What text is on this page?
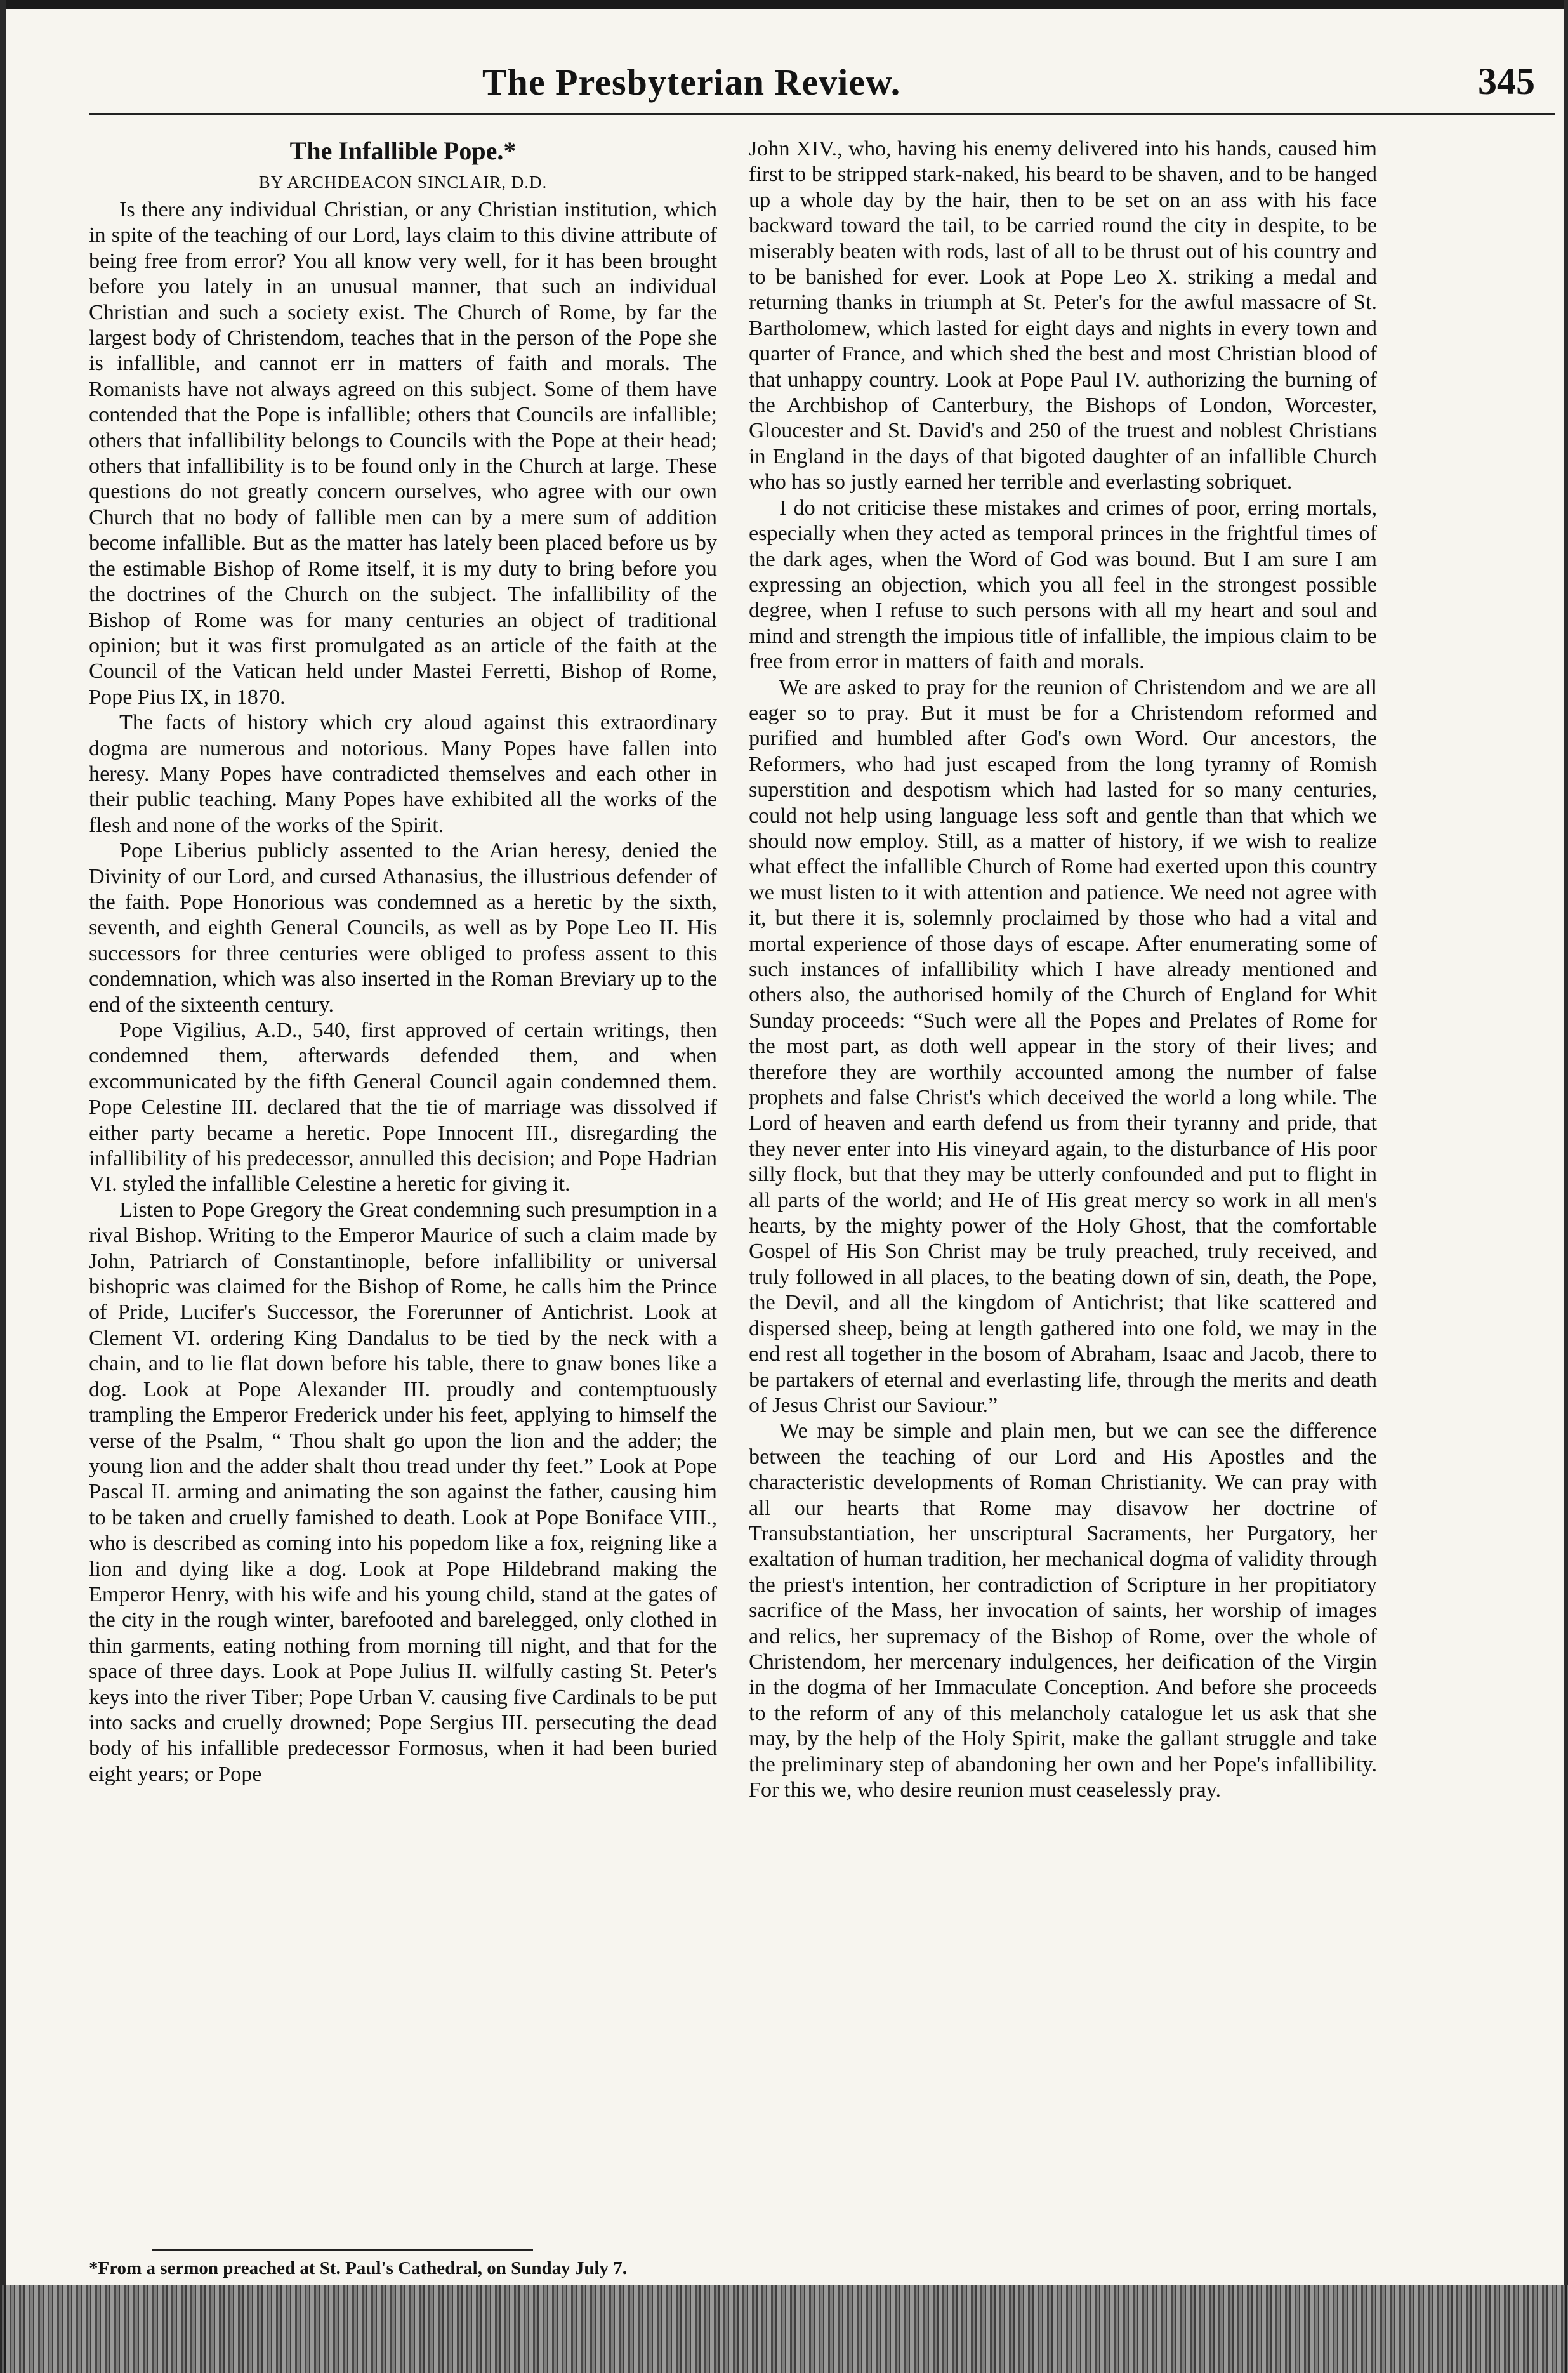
The Presbyterian Review.	345
The Infallible Pope.*
BY ARCHDEACON SINCLAIR, D.D.

Is there any individual Christian, or any Christian institution, which in spite of the teaching of our Lord, lays claim to this divine attribute of being free from error? You all know very well, for it has been brought before you lately in an unusual manner, that such an individual Christian and such a society exist. The Church of Rome, by far the largest body of Christendom, teaches that in the person of the Pope she is infallible, and cannot err in matters of faith and morals. The Romanists have not always agreed on this subject. Some of them have contended that the Pope is infallible; others that Councils are infallible; others that infallibility belongs to Councils with the Pope at their head; others that infallibility is to be found only in the Church at large. These questions do not greatly concern ourselves, who agree with our own Church that no body of fallible men can by a mere sum of addition become infallible. But as the matter has lately been placed before us by the estimable Bishop of Rome itself, it is my duty to bring before you the doctrines of the Church on the subject. The infallibility of the Bishop of Rome was for many centuries an object of traditional opinion; but it was first promulgated as an article of the faith at the Council of the Vatican held under Mastei Ferretti, Bishop of Rome, Pope Pius IX, in 1870.

The facts of history which cry aloud against this extraordinary dogma are numerous and notorious. Many Popes have fallen into heresy. Many Popes have contradicted themselves and each other in their public teaching. Many Popes have exhibited all the works of the flesh and none of the works of the Spirit.

Pope Liberius publicly assented to the Arian heresy, denied the Divinity of our Lord, and cursed Athanasius, the illustrious defender of the faith. Pope Honorious was condemned as a heretic by the sixth, seventh, and eighth General Councils, as well as by Pope Leo II. His successors for three centuries were obliged to profess assent to this condemnation, which was also inserted in the Roman Breviary up to the end of the sixteenth century.

Pope Vigilius, A.D., 540, first approved of certain writings, then condemned them, afterwards defended them, and when excommunicated by the fifth General Council again condemned them. Pope Celestine III. declared that the tie of marriage was dissolved if either party became a heretic. Pope Innocent III., disregarding the infallibility of his predecessor, annulled this decision; and Pope Hadrian VI. styled the infallible Celestine a heretic for giving it.

Listen to Pope Gregory the Great condemning such presumption in a rival Bishop. Writing to the Emperor Maurice of such a claim made by John, Patriarch of Constantinople, before infallibility or universal bishopric was claimed for the Bishop of Rome, he calls him the Prince of Pride, Lucifer's Successor, the Forerunner of Antichrist. Look at Clement VI. ordering King Dandalus to be tied by the neck with a chain, and to lie flat down before his table, there to gnaw bones like a dog. Look at Pope Alexander III. proudly and contemptuously trampling the Emperor Frederick under his feet, applying to himself the verse of the Psalm, “ Thou shalt go upon the lion and the adder; the young lion and the adder shalt thou tread under thy feet.” Look at Pope Pascal II. arming and animating the son against the father, causing him to be taken and cruelly famished to death. Look at Pope Boniface VIII., who is described as coming into his popedom like a fox, reigning like a lion and dying like a dog. Look at Pope Hildebrand making the Emperor Henry, with his wife and his young child, stand at the gates of the city in the rough winter, barefooted and barelegged, only clothed in thin garments, eating nothing from morning till night, and that for the space of three days. Look at Pope Julius II. wilfully casting St. Peter's keys into the river Tiber; Pope Urban V. causing five Cardinals to be put into sacks and cruelly drowned; Pope Sergius III. persecuting the dead body of his infallible predecessor Formosus, when it had been buried eight years; or Pope

John XIV., who, having his enemy delivered into his hands, caused him first to be stripped stark-naked, his beard to be shaven, and to be hanged up a whole day by the hair, then to be set on an ass with his face backward toward the tail, to be carried round the city in despite, to be miserably beaten with rods, last of all to be thrust out of his country and to be banished for ever. Look at Pope Leo X. striking a medal and returning thanks in triumph at St. Peter's for the awful massacre of St. Bartholomew, which lasted for eight days and nights in every town and quarter of France, and which shed the best and most Christian blood of that unhappy country. Look at Pope Paul IV. authorizing the burning of the Archbishop of Canterbury, the Bishops of London, Worcester, Gloucester and St. David's and 250 of the truest and noblest Christians in England in the days of that bigoted daughter of an infallible Church who has so justly earned her terrible and everlasting sobriquet.

I do not criticise these mistakes and crimes of poor, erring mortals, especially when they acted as temporal princes in the frightful times of the dark ages, when the Word of God was bound. But I am sure I am expressing an objection, which you all feel in the strongest possible degree, when I refuse to such persons with all my heart and soul and mind and strength the impious title of infallible, the impious claim to be free from error in matters of faith and morals.

We are asked to pray for the reunion of Christendom and we are all eager so to pray. But it must be for a Christendom reformed and purified and humbled after God's own Word. Our ancestors, the Reformers, who had just escaped from the long tyranny of Romish superstition and despotism which had lasted for so many centuries, could not help using language less soft and gentle than that which we should now employ. Still, as a matter of history, if we wish to realize what effect the infallible Church of Rome had exerted upon this country we must listen to it with attention and patience. We need not agree with it, but there it is, solemnly proclaimed by those who had a vital and mortal experience of those days of escape. After enumerating some of such instances of infallibility which I have already mentioned and others also, the authorised homily of the Church of England for Whit Sunday proceeds: “Such were all the Popes and Prelates of Rome for the most part, as doth well appear in the story of their lives; and therefore they are worthily accounted among the number of false prophets and false Christ's which deceived the world a long while. The Lord of heaven and earth defend us from their tyranny and pride, that they never enter into His vineyard again, to the disturbance of His poor silly flock, but that they may be utterly confounded and put to flight in all parts of the world; and He of His great mercy so work in all men's hearts, by the mighty power of the Holy Ghost, that the comfortable Gospel of His Son Christ may be truly preached, truly received, and truly followed in all places, to the beating down of sin, death, the Pope, the Devil, and all the kingdom of Antichrist; that like scattered and dispersed sheep, being at length gathered into one fold, we may in the end rest all together in the bosom of Abraham, Isaac and Jacob, there to be partakers of eternal and everlasting life, through the merits and death of Jesus Christ our Saviour.”

We may be simple and plain men, but we can see the difference between the teaching of our Lord and His Apostles and the characteristic developments of Roman Christianity. We can pray with all our hearts that Rome may disavow her doctrine of Transubstantiation, her unscriptural Sacraments, her Purgatory, her exaltation of human tradition, her mechanical dogma of validity through the priest's intention, her contradiction of Scripture in her propitiatory sacrifice of the Mass, her invocation of saints, her worship of images and relics, her supremacy of the Bishop of Rome, over the whole of Christendom, her mercenary indulgences, her deification of the Virgin in the dogma of her Immaculate Conception. And before she proceeds to the reform of any of this melancholy catalogue let us ask that she may, by the help of the Holy Spirit, make the gallant struggle and take the preliminary step of abandoning her own and her Pope's infallibility. For this we, who desire reunion must ceaselessly pray.

*From a sermon preached at St. Paul's Cathedral, on Sunday July 7.
